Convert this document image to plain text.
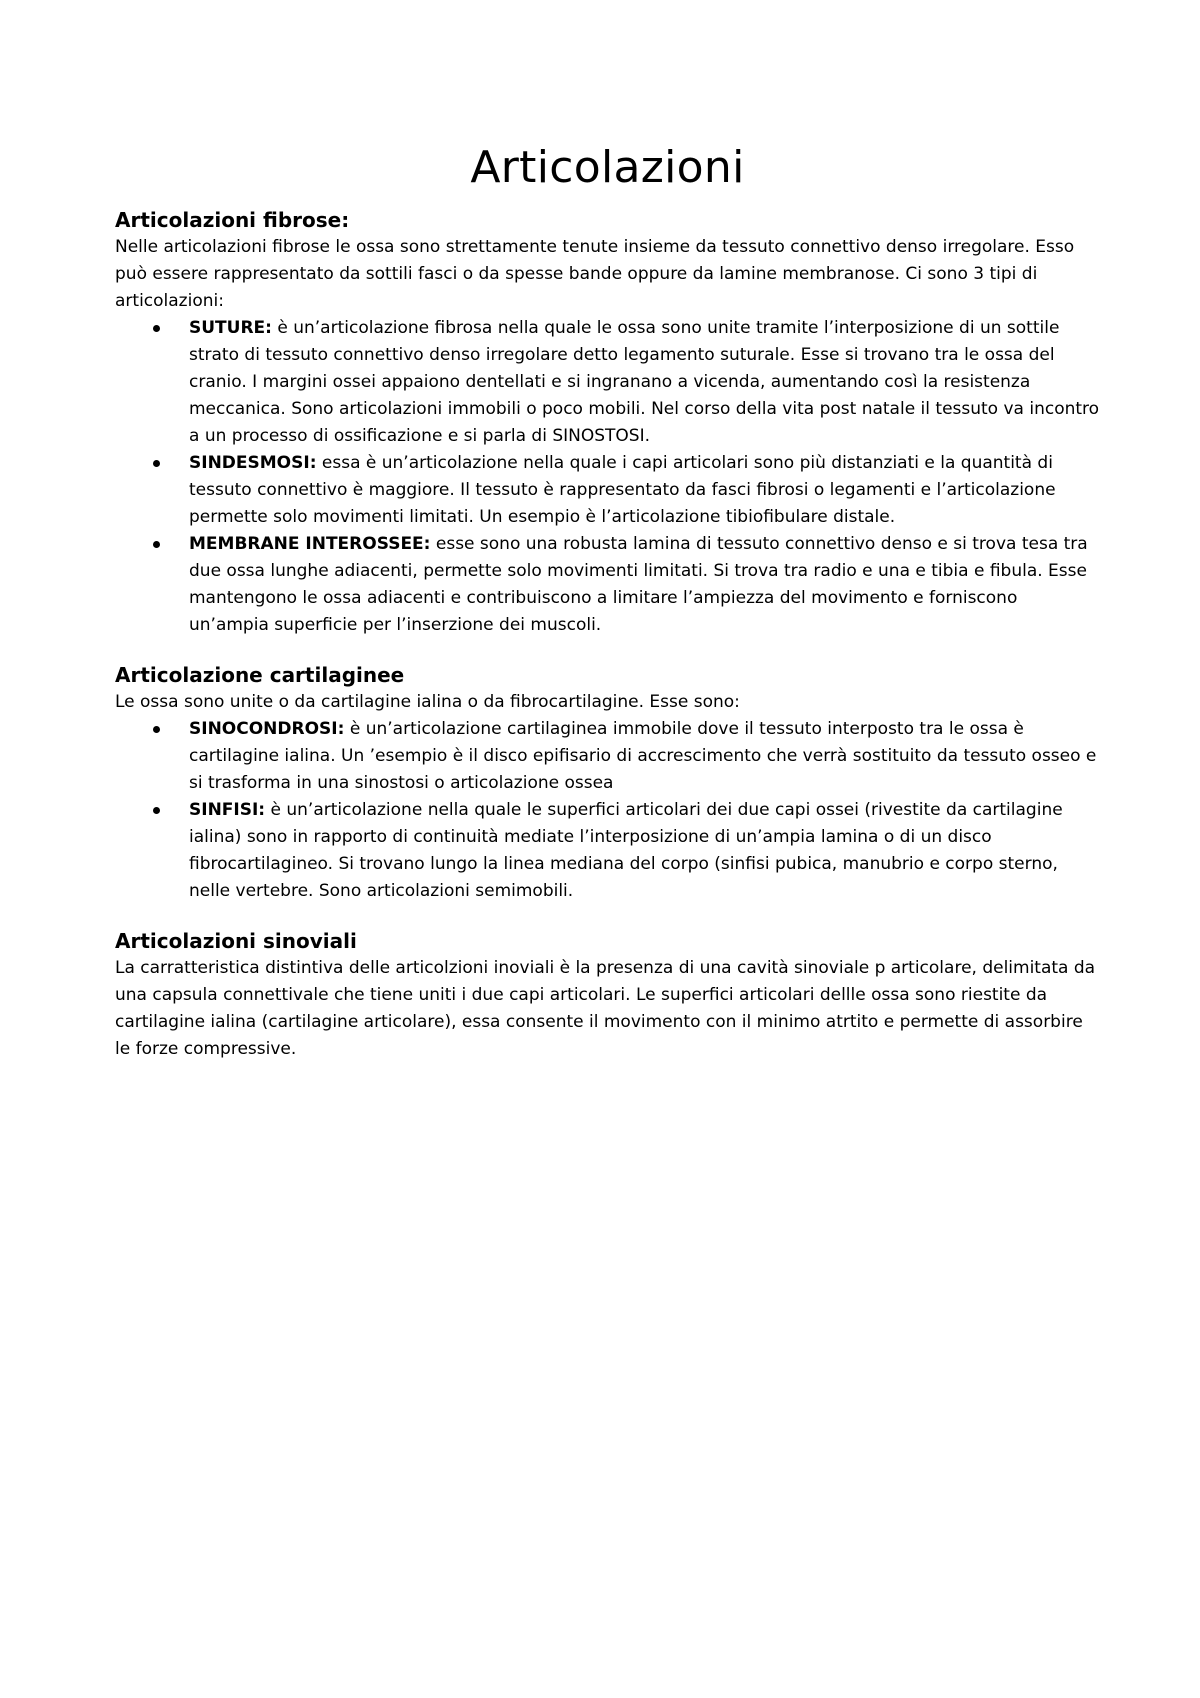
Articolazioni
Articolazioni fibrose:

Nelle articolazioni fibrose le ossa sono strettamente tenute insieme da tessuto connettivo denso irregolare. Esso può essere rappresentato da sottili fasci o da spesse bande oppure da lamine membranose. Ci sono 3 tipi di articolazioni:

SUTURE: è un’articolazione fibrosa nella quale le ossa sono unite tramite l’interposizione di un sottile strato di tessuto connettivo denso irregolare detto legamento suturale. Esse si trovano tra le ossa del cranio. I margini ossei appaiono dentellati e si ingranano a vicenda, aumentando così la resistenza meccanica. Sono articolazioni immobili o poco mobili. Nel corso della vita post natale il tessuto va incontro a un processo di ossificazione e si parla di SINOSTOSI.
SINDESMOSI: essa è un’articolazione nella quale i capi articolari sono più distanziati e la quantità di tessuto connettivo è maggiore. Il tessuto è rappresentato da fasci fibrosi o legamenti e l’articolazione permette solo movimenti limitati. Un esempio è l’articolazione tibiofibulare distale.
MEMBRANE INTEROSSEE: esse sono una robusta lamina di tessuto connettivo denso e si trova tesa tra due ossa lunghe adiacenti, permette solo movimenti limitati. Si trova tra radio e una e tibia e fibula. Esse mantengono le ossa adiacenti e contribuiscono a limitare l’ampiezza del movimento e forniscono un’ampia superficie per l’inserzione dei muscoli.
Articolazione cartilaginee

Le ossa sono unite o da cartilagine ialina o da fibrocartilagine. Esse sono:

SINOCONDROSI: è un’articolazione cartilaginea immobile dove il tessuto interposto tra le ossa è cartilagine ialina. Un ’esempio è il disco epifisario di accrescimento che verrà sostituito da tessuto osseo e si trasforma in una sinostosi o articolazione ossea
SINFISI: è un’articolazione nella quale le superfici articolari dei due capi ossei (rivestite da cartilagine ialina) sono in rapporto di continuità mediate l’interposizione di un’ampia lamina o di un disco fibrocartilagineo. Si trovano lungo la linea mediana del corpo (sinfisi pubica, manubrio e corpo sterno, nelle vertebre. Sono articolazioni semimobili.
Articolazioni sinoviali

La carratteristica distintiva delle articolzioni inoviali è la presenza di una cavità sinoviale p articolare, delimitata da una capsula connettivale che tiene uniti i due capi articolari. Le superfici articolari dellle ossa sono riestite da cartilagine ialina (cartilagine articolare), essa consente il movimento con il minimo atrtito e permette di assorbire le forze compressive.
